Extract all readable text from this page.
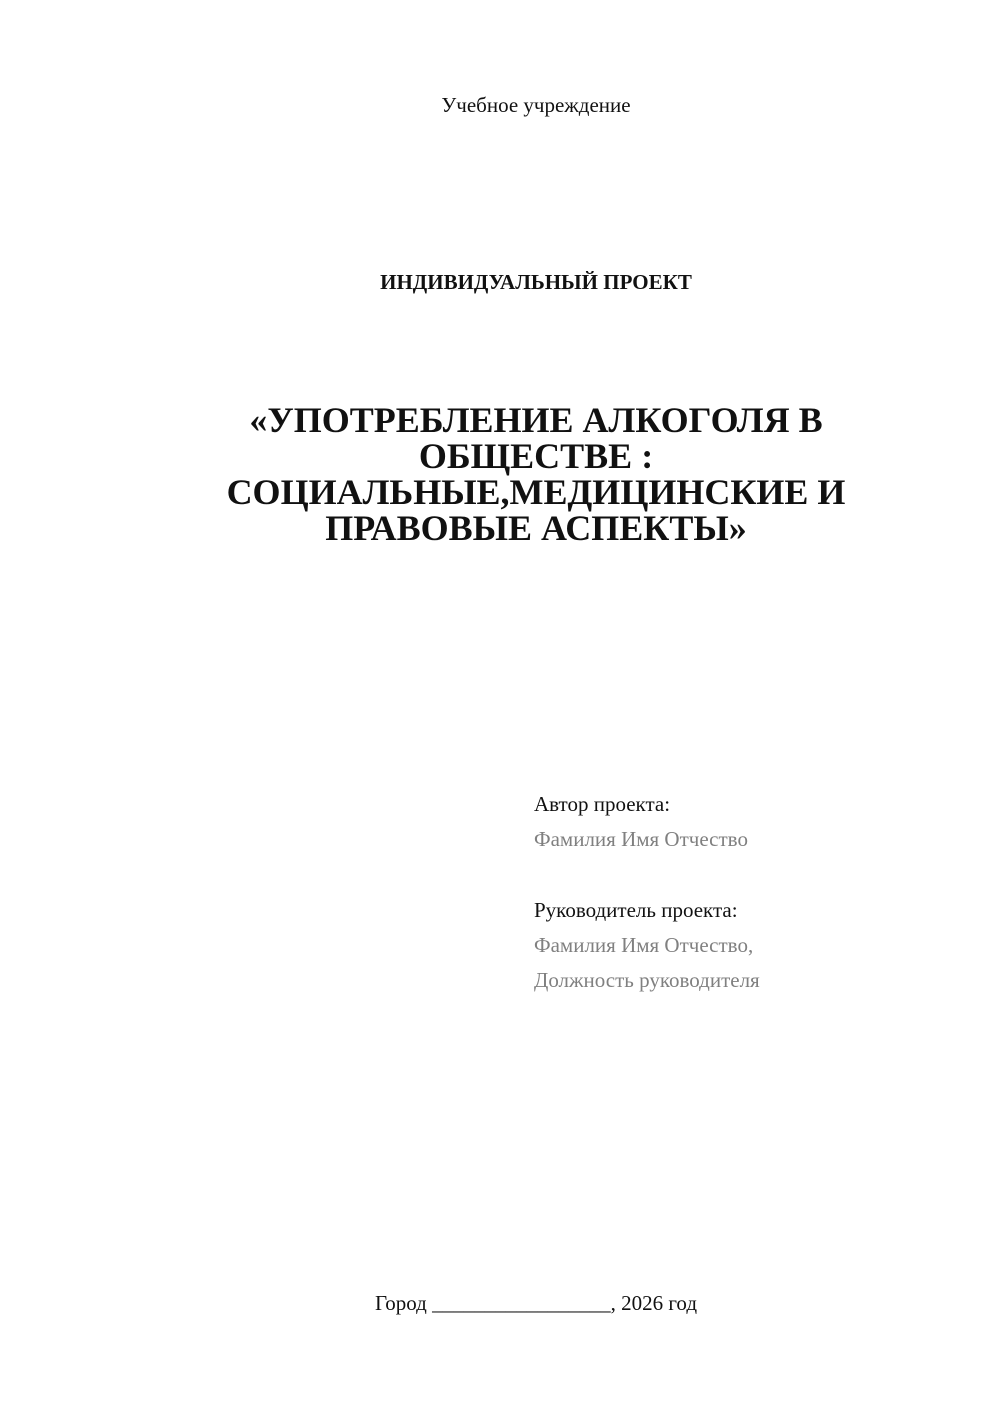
Учебное учреждение
ИНДИВИДУАЛЬНЫЙ ПРОЕКТ
«УПОТРЕБЛЕНИЕ АЛКОГОЛЯ В
ОБЩЕСТВЕ :
СОЦИАЛЬНЫЕ,МЕДИЦИНСКИЕ И
ПРАВОВЫЕ АСПЕКТЫ»
Автор проекта:
Фамилия Имя Отчество
Руководитель проекта:
Фамилия Имя Отчество,
Должность руководителя
Город _________________, 2026 год
